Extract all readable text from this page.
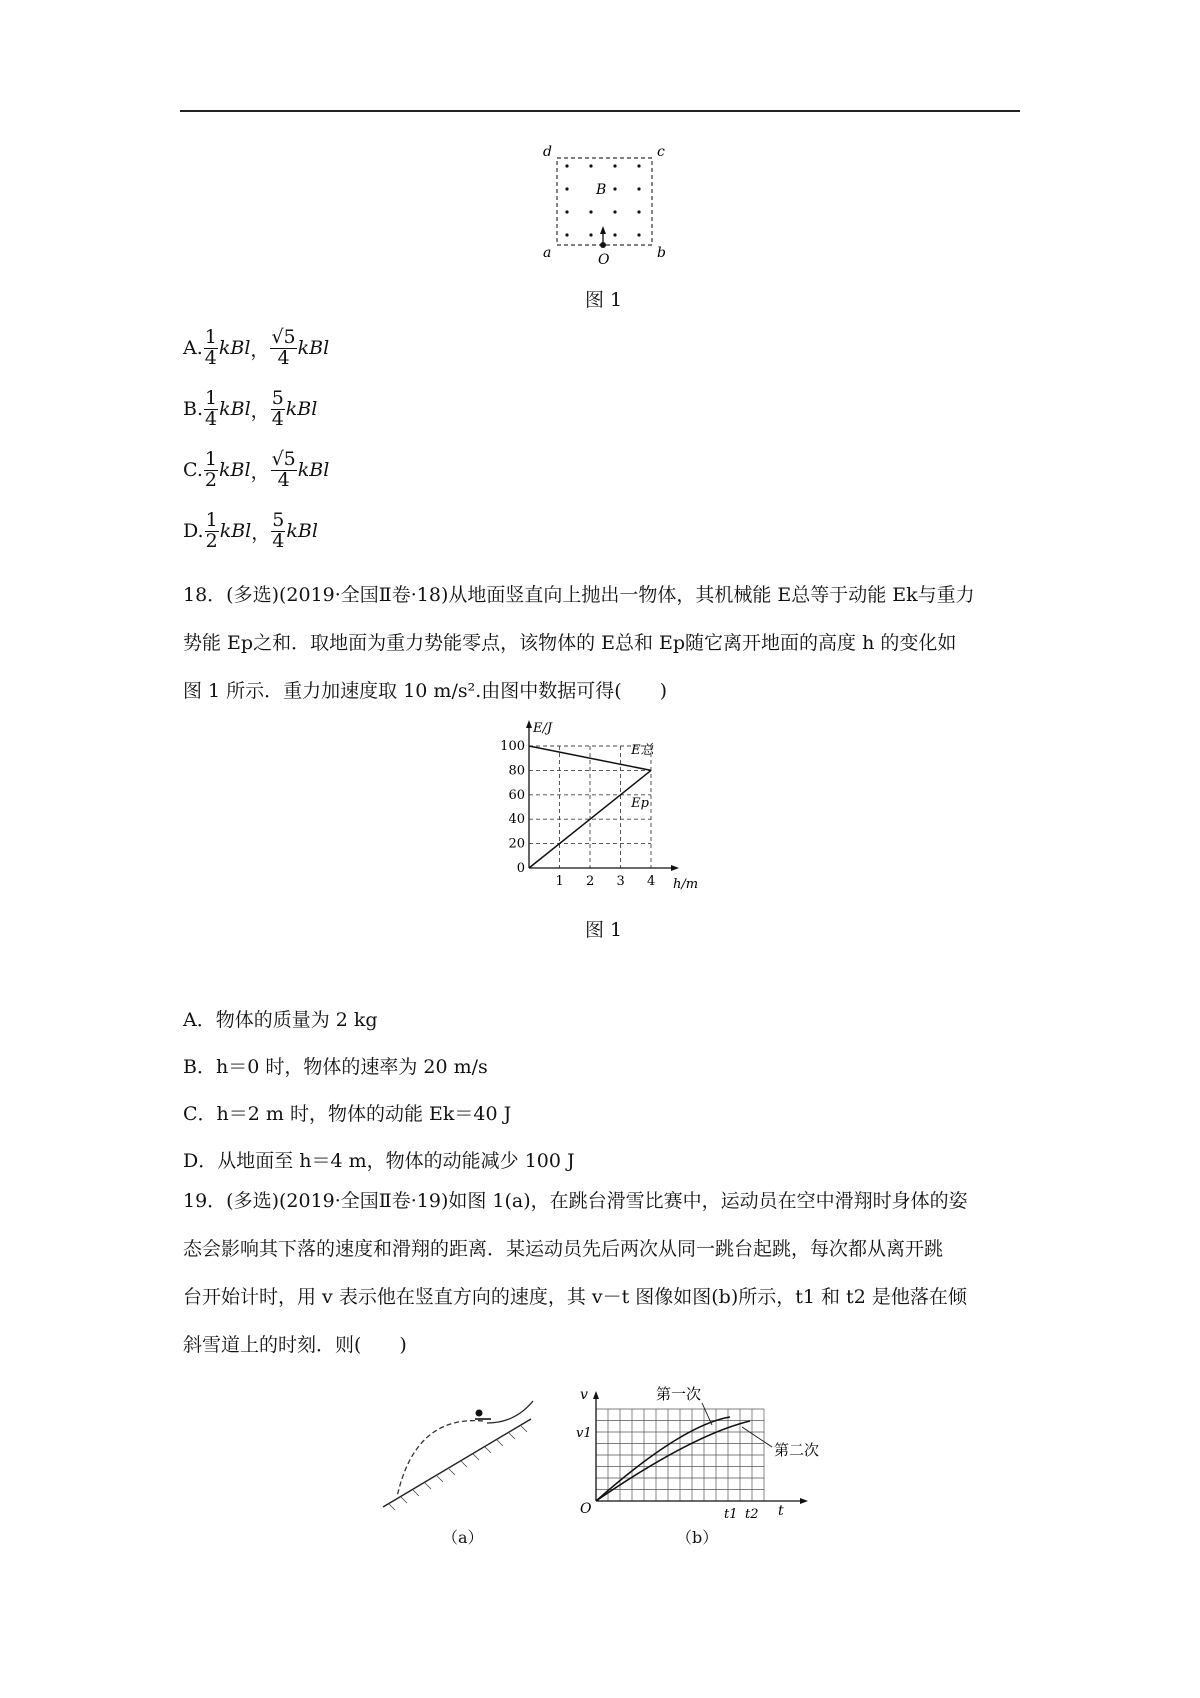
d	c
a	b
B
O
图 1
A. $\frac{1}{4}$ kBl ， $\frac{√5}{4}$ kBl
B. $\frac{1}{4}$ kBl ， $\frac{5}{4}$ kBl
C. $\frac{1}{2}$ kBl ， $\frac{√5}{4}$ kBl
D. $\frac{1}{2}$ kBl ， $\frac{5}{4}$ kBl

18．(多选)(2019·全国Ⅱ卷·18)从地面竖直向上抛出一物体，其机械能 E总等于动能 Ek与重力

势能 Ep之和．取地面为重力势能零点，该物体的 E总和 Ep随它离开地面的高度 h 的变化如

图 1 所示．重力加速度取 10 m/s².由图中数据可得(　　)

1 2 3 4
0
20
40
60
80
100
E/J
h/m
E总
Ep
图 1
A．物体的质量为 2 kg
B．h＝0 时，物体的速率为 20 m/s
C．h＝2 m 时，物体的动能 Ek＝40 J
D．从地面至 h＝4 m，物体的动能减少 100 J

19．(多选)(2019·全国Ⅱ卷·19)如图 1(a)，在跳台滑雪比赛中，运动员在空中滑翔时身体的姿

态会影响其下落的速度和滑翔的距离．某运动员先后两次从同一跳台起跳，每次都从离开跳

台开始计时，用 v 表示他在竖直方向的速度，其 v－t 图像如图(b)所示，t1 和 t2 是他落在倾

斜雪道上的时刻．则(　　)

（a）
v
v1
O	t1 t2 t
第一次
第二次
（b）
